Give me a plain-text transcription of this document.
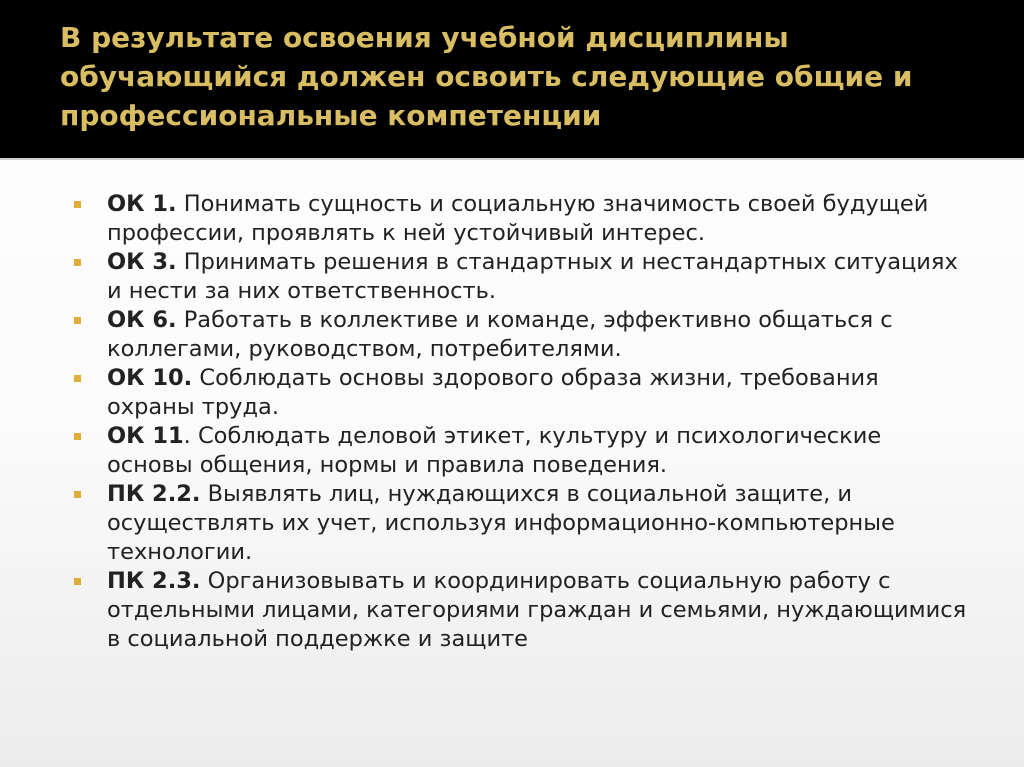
В результате освоения учебной дисциплины обучающийся должен освоить следующие общие и профессиональные компетенции
ОК 1. Понимать сущность и социальную значимость своей будущей профессии, проявлять к ней устойчивый интерес.
ОК 3. Принимать решения в стандартных и нестандартных ситуациях и нести за них ответственность.
ОК 6. Работать в коллективе и команде, эффективно общаться с коллегами, руководством, потребителями.
ОК 10. Соблюдать основы здорового образа жизни, требования охраны труда.
ОК 11. Соблюдать деловой этикет, культуру и психологические основы общения, нормы и правила поведения.
ПК 2.2. Выявлять лиц, нуждающихся в социальной защите, и осуществлять их учет, используя информационно-компьютерные технологии.
ПК 2.3. Организовывать и координировать социальную работу с отдельными лицами, категориями граждан и семьями, нуждающимися в социальной поддержке и защите
